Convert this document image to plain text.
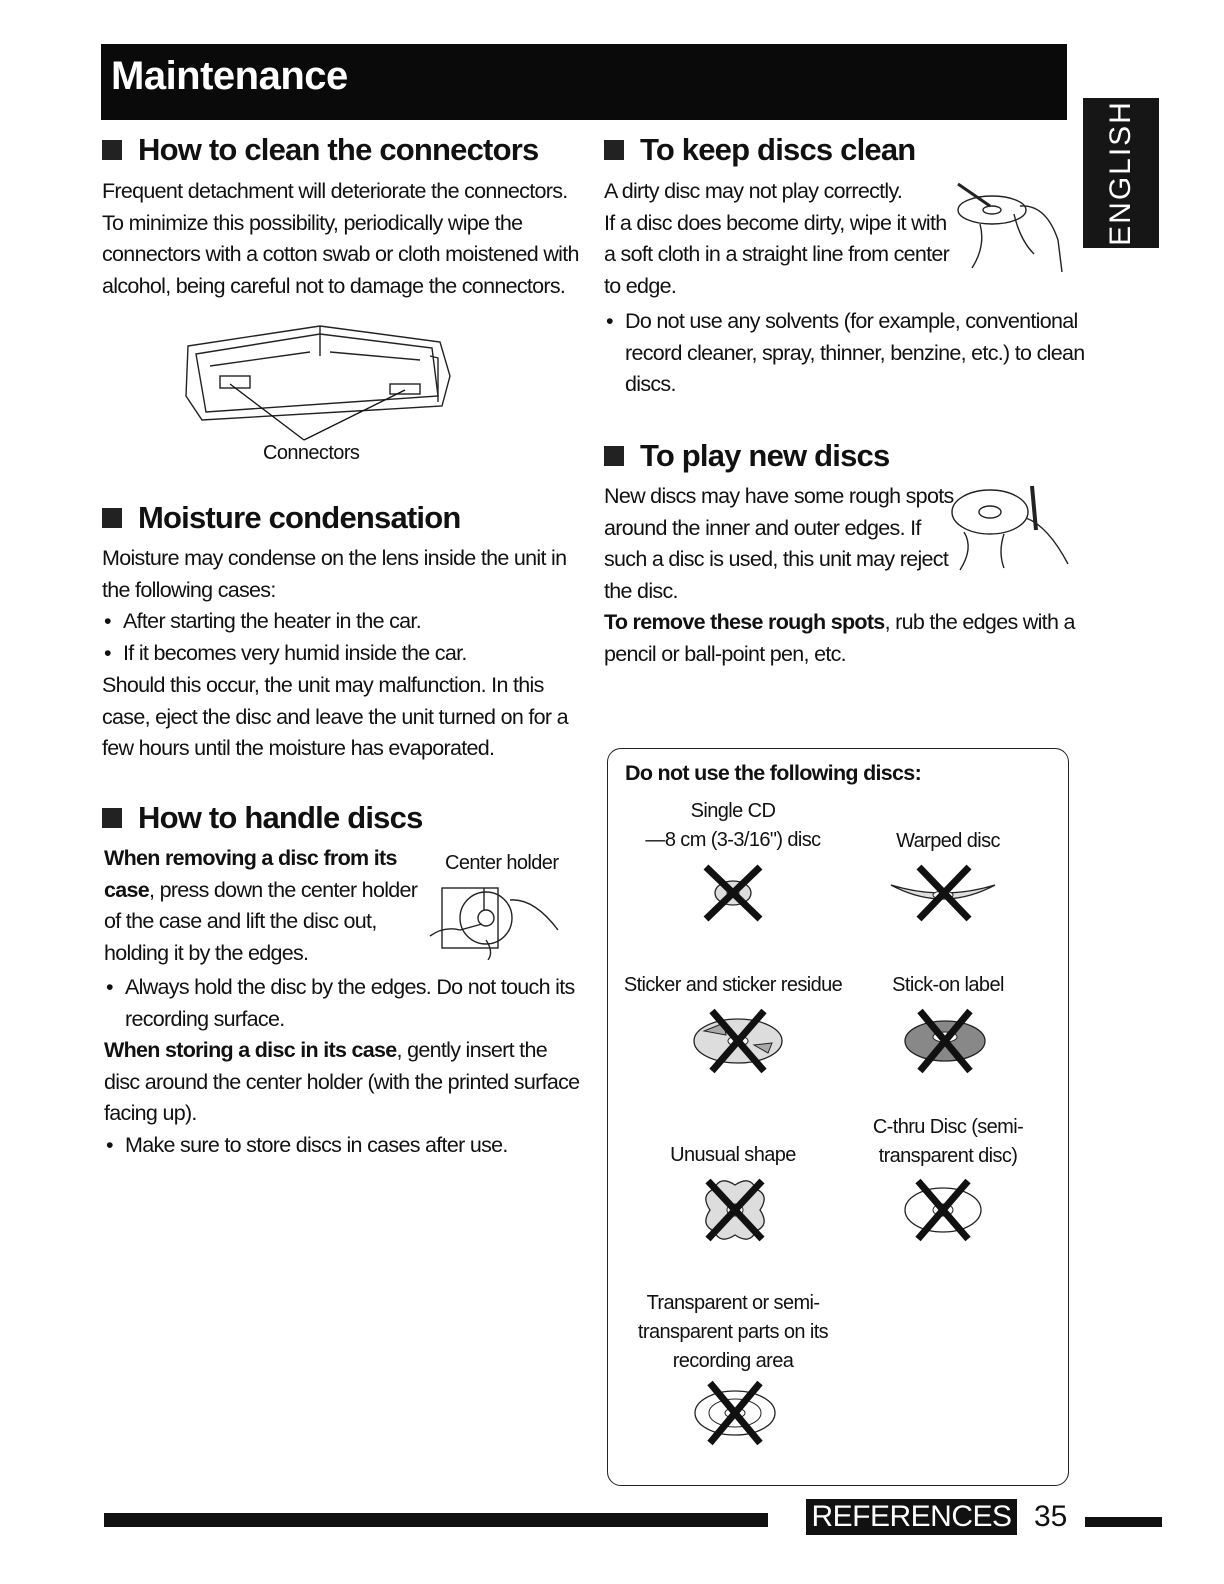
Maintenance
ENGLISH
How to clean the connectors
Frequent detachment will deteriorate the connectors.
To minimize this possibility, periodically wipe the
connectors with a cotton swab or cloth moistened with
alcohol, being careful not to damage the connectors.
Connectors
Moisture condensation
Moisture may condense on the lens inside the unit in
the following cases:
• After starting the heater in the car.
• If it becomes very humid inside the car.
Should this occur, the unit may malfunction. In this
case, eject the disc and leave the unit turned on for a
few hours until the moisture has evaporated.
How to handle discs
When removing a disc from its
case, press down the center holder
of the case and lift the disc out,
holding it by the edges.
Center holder
• Always hold the disc by the edges. Do not touch its
recording surface.
When storing a disc in its case, gently insert the
disc around the center holder (with the printed surface
facing up).
• Make sure to store discs in cases after use.
To keep discs clean
A dirty disc may not play correctly.
If a disc does become dirty, wipe it with
a soft cloth in a straight line from center
to edge.
• Do not use any solvents (for example, conventional
record cleaner, spray, thinner, benzine, etc.) to clean
discs.
To play new discs
New discs may have some rough spots
around the inner and outer edges. If
such a disc is used, this unit may reject
the disc.
To remove these rough spots, rub the edges with a
pencil or ball-point pen, etc.
Do not use the following discs:
Single CD
—8 cm (3-3/16") disc	Warped disc
Sticker and sticker residue	Stick-on label
Unusual shape
C-thru Disc (semi-
transparent disc)
Transparent or semi-
transparent parts on its
recording area
REFERENCES 35
